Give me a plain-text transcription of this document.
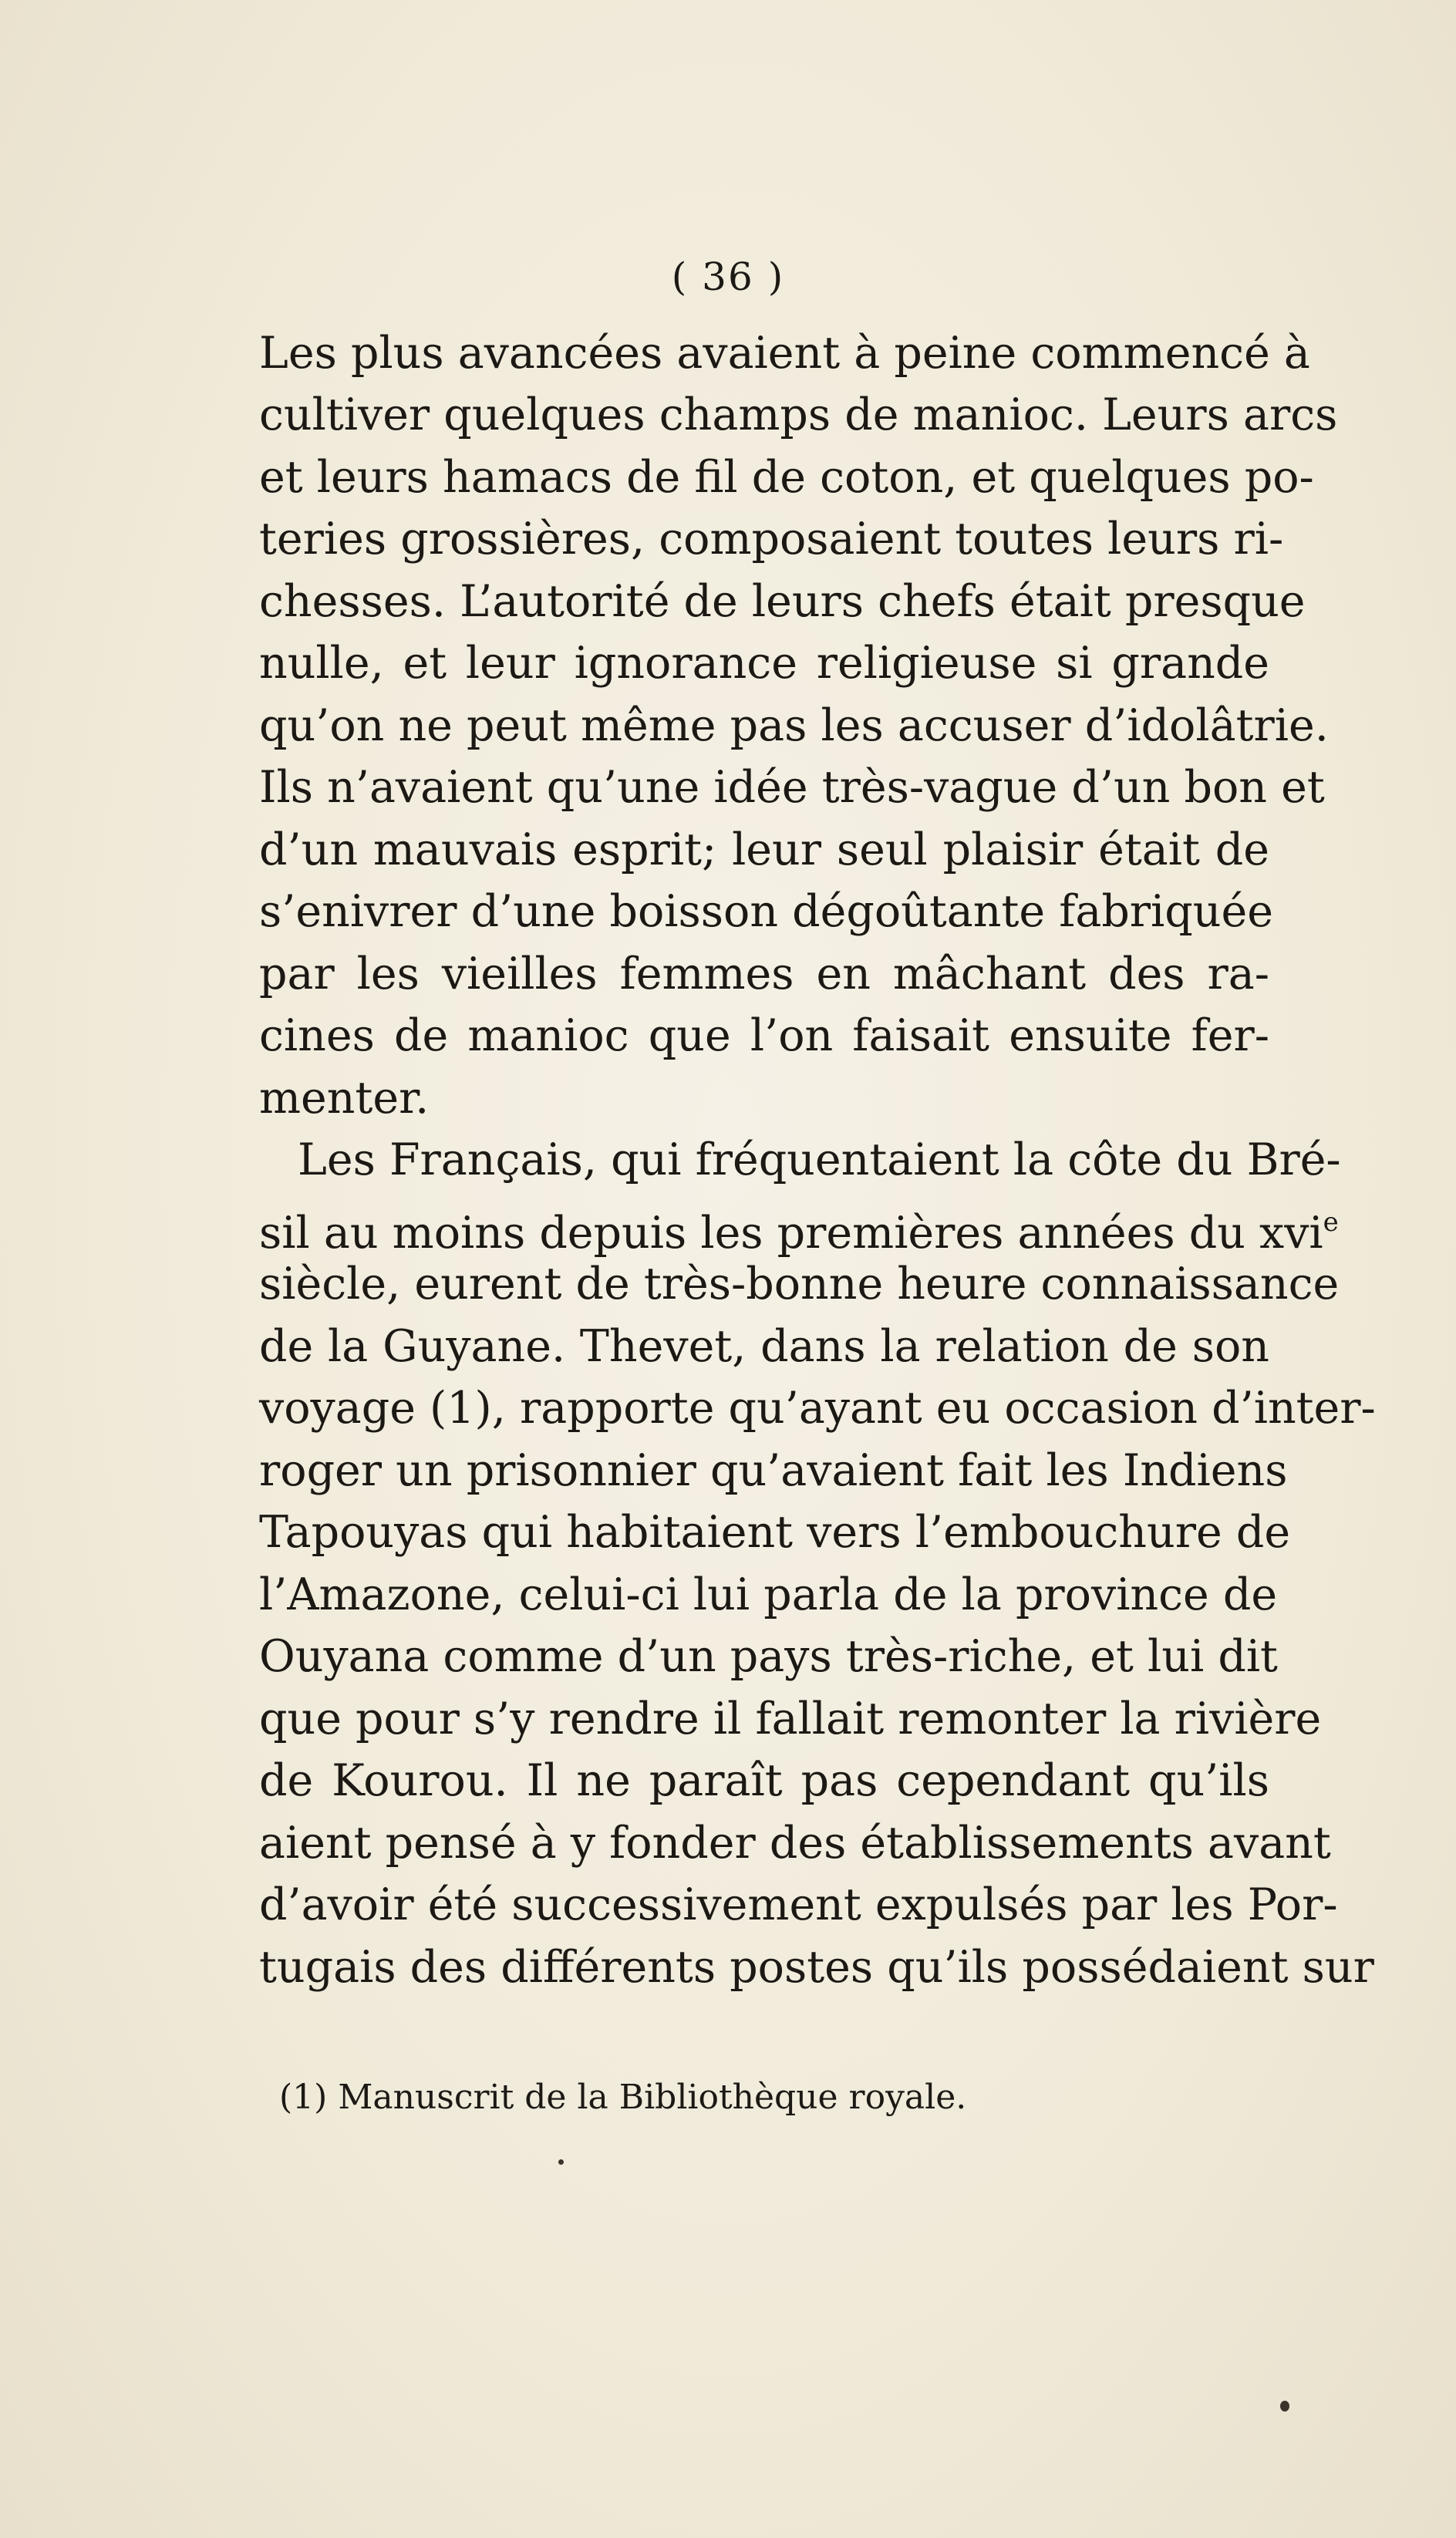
( 36 )
Les plus avancées avaient à peine commencé à
cultiver quelques champs de manioc. Leurs arcs
et leurs hamacs de fil de coton, et quelques po-
teries grossières, composaient toutes leurs ri-
chesses. L’autorité de leurs chefs était presque
nulle, et leur ignorance religieuse si grande
qu’on ne peut même pas les accuser d’idolâtrie.
Ils n’avaient qu’une idée très-vague d’un bon et
d’un mauvais esprit; leur seul plaisir était de
s’enivrer d’une boisson dégoûtante fabriquée
par les vieilles femmes en mâchant des ra-
cines de manioc que l’on faisait ensuite fer-
menter.
Les Français, qui fréquentaient la côte du Bré-
sil au moins depuis les premières années du xvi$^e$
siècle, eurent de très-bonne heure connaissance
de la Guyane. Thevet, dans la relation de son
voyage (1), rapporte qu’ayant eu occasion d’inter-
roger un prisonnier qu’avaient fait les Indiens
Tapouyas qui habitaient vers l’embouchure de
l’Amazone, celui-ci lui parla de la province de
Ouyana comme d’un pays très-riche, et lui dit
que pour s’y rendre il fallait remonter la rivière
de Kourou. Il ne paraît pas cependant qu’ils
aient pensé à y fonder des établissements avant
d’avoir été successivement expulsés par les Por-
tugais des différents postes qu’ils possédaient sur
(1) Manuscrit de la Bibliothèque royale.
